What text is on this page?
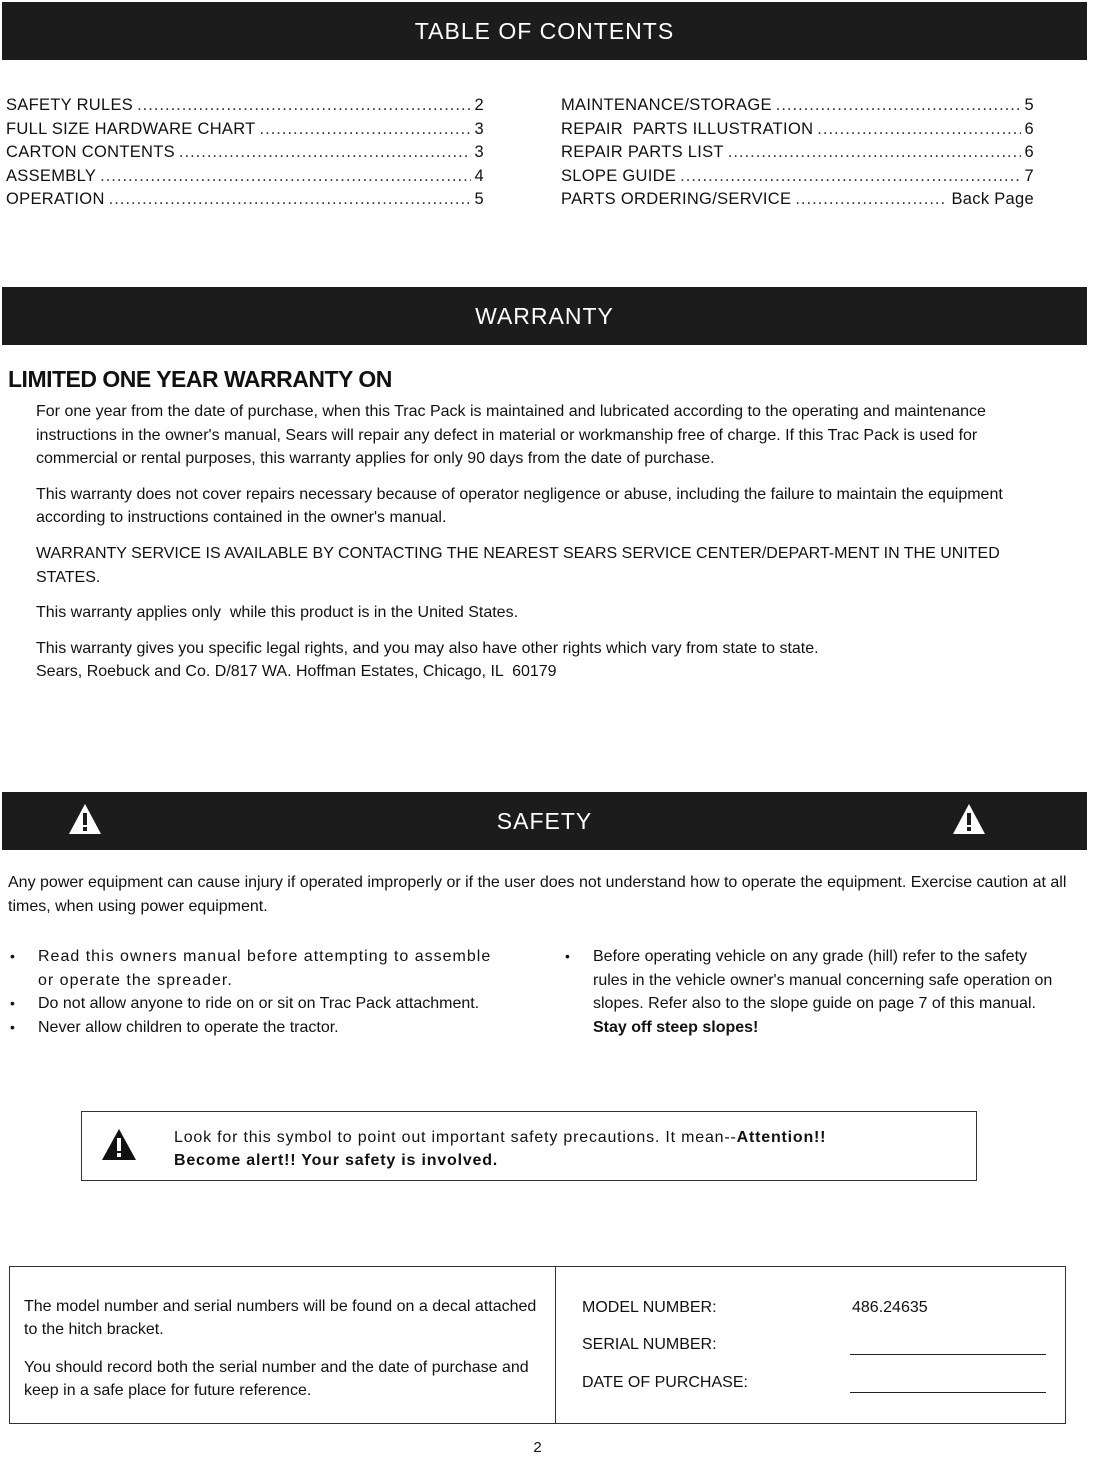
TABLE OF CONTENTS
SAFETY RULES .....	2
FULL SIZE HARDWARE CHART .....	3
CARTON CONTENTS .....	3
ASSEMBLY .....	4
OPERATION .....	5
MAINTENANCE/STORAGE .....	5
REPAIR  PARTS ILLUSTRATION .....	6
REPAIR PARTS LIST .....	6
SLOPE GUIDE .....	7
PARTS ORDERING/SERVICE .....	Back Page
WARRANTY
LIMITED ONE YEAR WARRANTY ON

For one year from the date of purchase, when this Trac Pack is maintained and lubricated according to the operating and maintenance instructions in the owner's manual, Sears will repair any defect in material or workmanship free of charge. If this Trac Pack is used for commercial or rental purposes, this warranty applies for only 90 days from the date of purchase.

This warranty does not cover repairs necessary because of operator negligence or abuse, including the failure to maintain the equipment according to instructions contained in the owner's manual.

WARRANTY SERVICE IS AVAILABLE BY CONTACTING THE NEAREST SEARS SERVICE CENTER/DEPART-MENT IN THE UNITED STATES.

This warranty applies only  while this product is in the United States.

This warranty gives you specific legal rights, and you may also have other rights which vary from state to state.
Sears, Roebuck and Co. D/817 WA. Hoffman Estates, Chicago, IL  60179

SAFETY

Any power equipment can cause injury if operated improperly or if the user does not understand how to operate the equipment. Exercise caution at all times, when using power equipment.

• Read this owners manual before attempting to assemble or operate the spreader.
• Do not allow anyone to ride on or sit on Trac Pack attachment.
• Never allow children to operate the tractor.
• Before operating vehicle on any grade (hill) refer to the safety rules in the vehicle owner's manual concerning safe operation on slopes. Refer also to the slope guide on page 7 of this manual. Stay off steep slopes!

Look for this symbol to point out important safety precautions. It mean--Attention!!
Become alert!! Your safety is involved.

The model number and serial numbers will be found on a decal attached to the hitch bracket.

You should record both the serial number and the date of purchase and keep in a safe place for future reference.

MODEL NUMBER:	486.24635
SERIAL NUMBER:
DATE OF PURCHASE:

2
